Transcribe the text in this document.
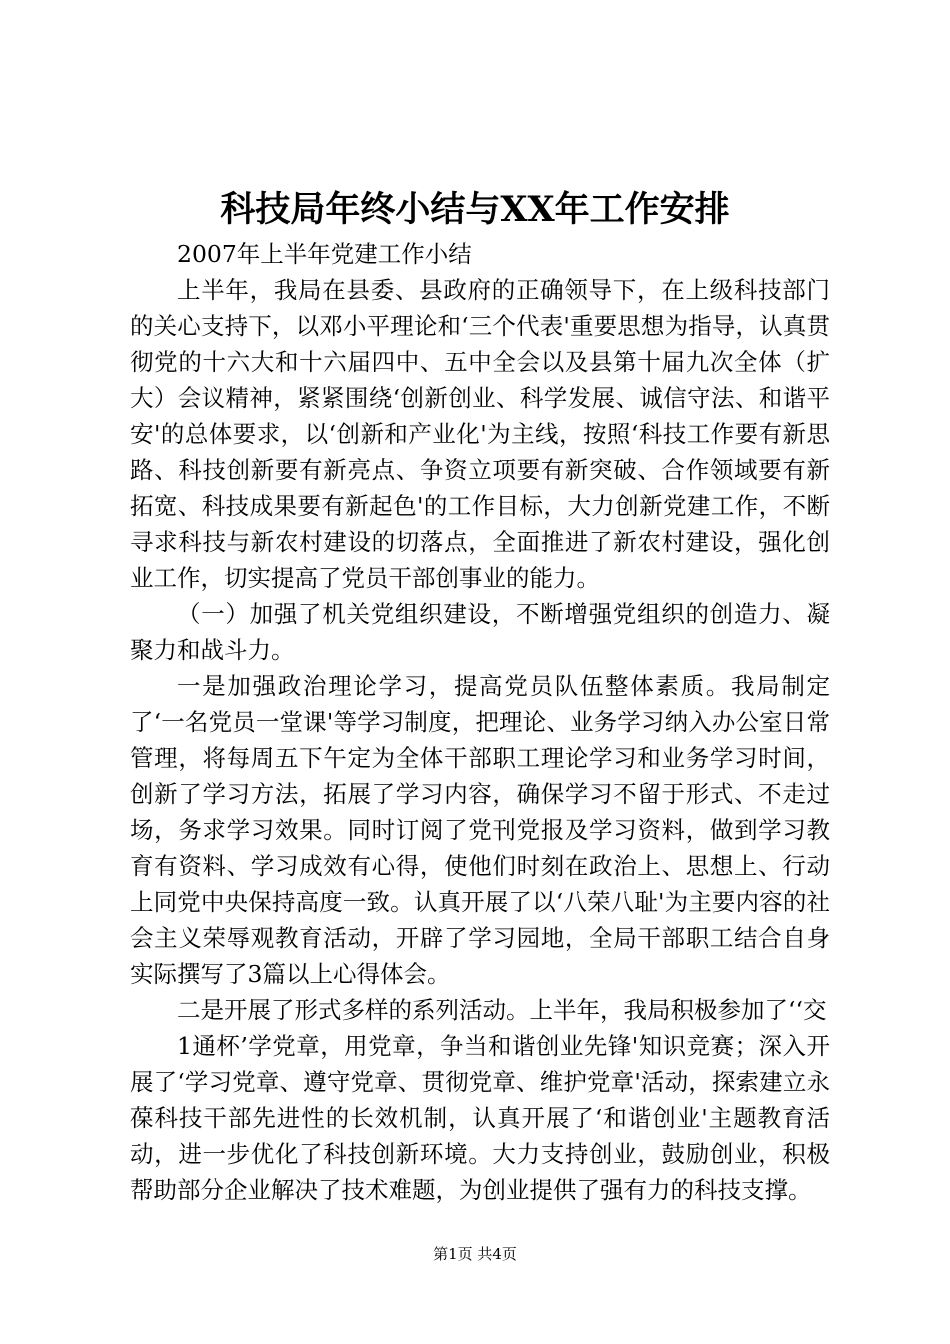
科技局年终小结与XX年工作安排

2007年上半年党建工作小结

上半年，我局在县委、县政府的正确领导下，在上级科技部门的关心支持下，以邓小平理论和‘三个代表'重要思想为指导，认真贯彻党的十六大和十六届四中、五中全会以及县第十届九次全体（扩大）会议精神，紧紧围绕‘创新创业、科学发展、诚信守法、和谐平安'的总体要求，以‘创新和产业化'为主线，按照‘科技工作要有新思路、科技创新要有新亮点、争资立项要有新突破、合作领域要有新拓宽、科技成果要有新起色'的工作目标，大力创新党建工作，不断寻求科技与新农村建设的切落点，全面推进了新农村建设，强化创业工作，切实提高了党员干部创事业的能力。

（一）加强了机关党组织建设，不断增强党组织的创造力、凝聚力和战斗力。

一是加强政治理论学习，提高党员队伍整体素质。我局制定了‘一名党员一堂课'等学习制度，把理论、业务学习纳入办公室日常管理，将每周五下午定为全体干部职工理论学习和业务学习时间，创新了学习方法，拓展了学习内容，确保学习不留于形式、不走过场，务求学习效果。同时订阅了党刊党报及学习资料，做到学习教育有资料、学习成效有心得，使他们时刻在政治上、思想上、行动上同党中央保持高度一致。认真开展了以‘八荣八耻'为主要内容的社会主义荣辱观教育活动，开辟了学习园地，全局干部职工结合自身实际撰写了3篇以上心得体会。

二是开展了形式多样的系列活动。上半年，我局积极参加了‘‘交

1通杯’学党章，用党章，争当和谐创业先锋'知识竞赛；深入开展了‘学习党章、遵守党章、贯彻党章、维护党章'活动，探索建立永葆科技干部先进性的长效机制，认真开展了‘和谐创业'主题教育活动，进一步优化了科技创新环境。大力支持创业，鼓励创业，积极帮助部分企业解决了技术难题，为创业提供了强有力的科技支撑。

第1页 共4页
